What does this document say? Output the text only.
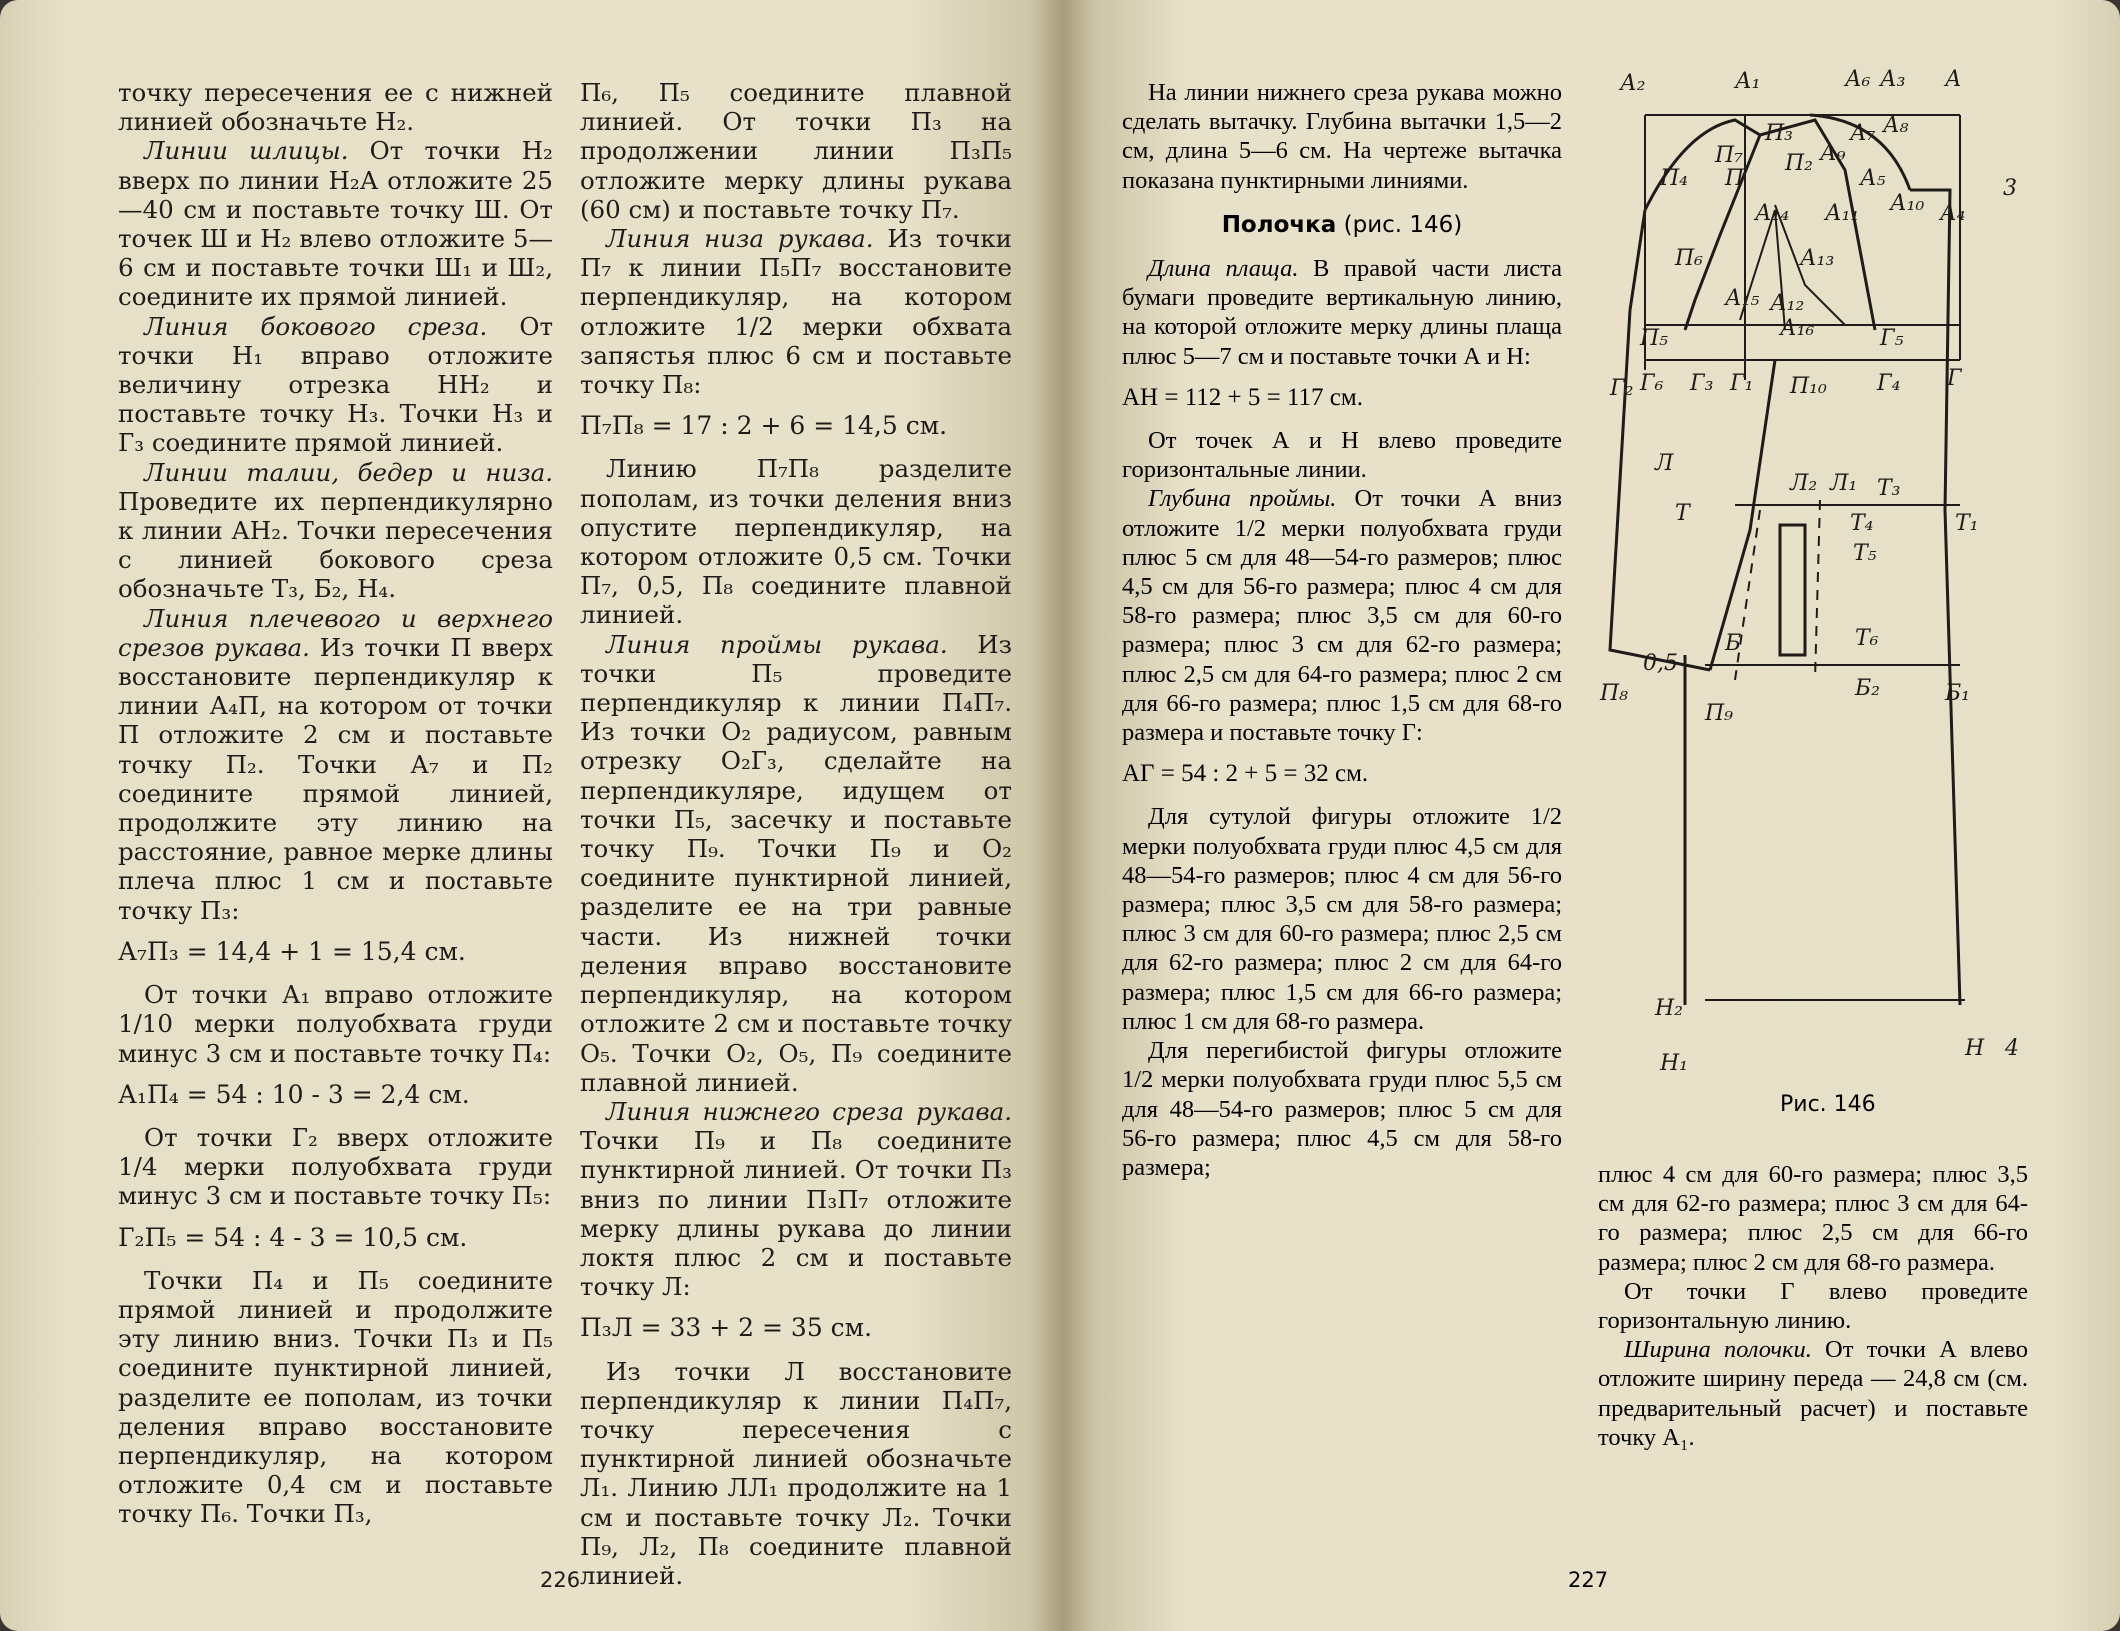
точку пересечения ее с нижней линией обозначьте Н₂.

Линии шлицы. От точки Н₂ вверх по линии Н₂А отложите 25—40 см и поставьте точку Ш. От точек Ш и Н₂ влево отложите 5—6 см и поставьте точки Ш₁ и Ш₂, соедините их прямой линией.

Линия бокового среза. От точки Н₁ вправо отложите величину отрезка НН₂ и поставьте точку Н₃. Точки Н₃ и Г₃ соедините прямой линией.

Линии талии, бедер и низа. Проведите их перпендикулярно к линии АН₂. Точки пересечения с линией бокового среза обозначьте Т₃, Б₂, Н₄.

Линия плечевого и верхнего срезов рукава. Из точки П вверх восстановите перпендикуляр к линии А₄П, на котором от точки П отложите 2 см и поставьте точку П₂. Точки А₇ и П₂ соедините прямой линией, продолжите эту линию на расстояние, равное мерке длины плеча плюс 1 см и поставьте точку П₃:

А₇П₃ = 14,4 + 1 = 15,4 см.

От точки А₁ вправо отложите 1/10 мерки полуобхвата груди минус 3 см и поставьте точку П₄:

А₁П₄ = 54 : 10 - 3 = 2,4 см.

От точки Г₂ вверх отложите 1/4 мерки полуобхвата груди минус 3 см и поставьте точку П₅:

Г₂П₅ = 54 : 4 - 3 = 10,5 см.

Точки П₄ и П₅ соедините прямой линией и продолжите эту линию вниз. Точки П₃ и П₅ соедините пунктирной линией, разделите ее пополам, из точки деления вправо восстановите перпендикуляр, на котором отложите 0,4 см и поставьте точку П₆. Точки П₃,

П₆, П₅ соедините плавной линией. От точки П₃ на продолжении линии П₃П₅ отложите мерку длины рукава (60 см) и поставьте точку П₇.

Линия низа рукава. Из точки П₇ к линии П₅П₇ восстановите перпендикуляр, на котором отложите 1/2 мерки обхвата запястья плюс 6 см и поставьте точку П₈:

П₇П₈ = 17 : 2 + 6 = 14,5 см.

Линию П₇П₈ разделите пополам, из точки деления вниз опустите перпендикуляр, на котором отложите 0,5 см. Точки П₇, 0,5, П₈ соедините плавной линией.

Линия проймы рукава. Из точки П₅ проведите перпендикуляр к линии П₄П₇. Из точки О₂ радиусом, равным отрезку О₂Г₃, сделайте на перпендикуляре, идущем от точки П₅, засечку и поставьте точку П₉. Точки П₉ и О₂ соедините пунктирной линией, разделите ее на три равные части. Из нижней точки деления вправо восстановите перпендикуляр, на котором отложите 2 см и поставьте точку О₅. Точки О₂, О₅, П₉ соедините плавной линией.

Линия нижнего среза рукава. Точки П₉ и П₈ соедините пунктирной линией. От точки П₃ вниз по линии П₃П₇ отложите мерку длины рукава до линии локтя плюс 2 см и поставьте точку Л:

П₃Л = 33 + 2 = 35 см.

Из точки Л восстановите перпендикуляр к линии П₄П₇, точку пересечения с пунктирной линией обозначьте Л₁. Линию ЛЛ₁ продолжите на 1 см и поставьте точку Л₂. Точки П₉, Л₂, П₈ соедините плавной линией.

226

На линии нижнего среза рукава можно сделать вытачку. Глубина вытачки 1,5—2 см, длина 5—6 см. На чертеже вытачка показана пунктирными линиями.

Полочка (рис. 146)

Длина плаща. В правой части листа бумаги проведите вертикальную линию, на которой отложите мерку длины плаща плюс 5—7 см и поставьте точки А и Н:

АН = 112 + 5 = 117 см.

От точек А и Н влево проведите горизонтальные линии.

Глубина проймы. От точки А вниз отложите 1/2 мерки полуобхвата груди плюс 5 см для 48—54-го размеров; плюс 4,5 см для 56-го размера; плюс 4 см для 58-го размера; плюс 3,5 см для 60-го размера; плюс 3 см для 62-го размера; плюс 2,5 см для 64-го размера; плюс 2 см для 66-го размера; плюс 1,5 см для 68-го размера и поставьте точку Г:

АГ = 54 : 2 + 5 = 32 см.

Для сутулой фигуры отложите 1/2 мерки полуобхвата груди плюс 4,5 см для 48—54-го размеров; плюс 4 см для 56-го размера; плюс 3,5 см для 58-го размера; плюс 3 см для 60-го размера; плюс 2,5 см для 62-го размера; плюс 2 см для 64-го размера; плюс 1,5 см для 66-го размера; плюс 1 см для 68-го размера.

Для перегибистой фигуры отложите 1/2 мерки полуобхвата груди плюс 5,5 см для 48—54-го размеров; плюс 5 см для 56-го размера; плюс 4,5 см для 58-го размера;	плюс 4 см для 60-го размера; плюс 3,5 см для 62-го размера; плюс 3 см для 64-го размера; плюс 2,5 см для 66-го размера; плюс 2 см для 68-го размера.

От точки Г влево проведите горизонтальную линию.

Ширина полочки. От точки А влево отложите ширину переда — 24,8 см (см. предварительный расчет) и поставьте точку А₁.

А₂	А₁	А₆ А₃ А
П₃
П₇
А₇ А₈
П₂ А₉
П₄ П	А₅
А₁₀
3
А₄
А₁₄ А₁₁
П₆	А₁₃
А₁₅ А₁₂
А₁₆
П₅	Г₅
Г₂ Г₆ Г₃ Г₁ П₁₀ Г₄ Г
Л
Л₂ Л₁ Т₃
Т	Т₄	Т₁
Т₅
Б	Т₆
0,5
П₈	Б₂	Б₁
П₉
Н₂
Н₁
Н 4
Рис. 146
227
